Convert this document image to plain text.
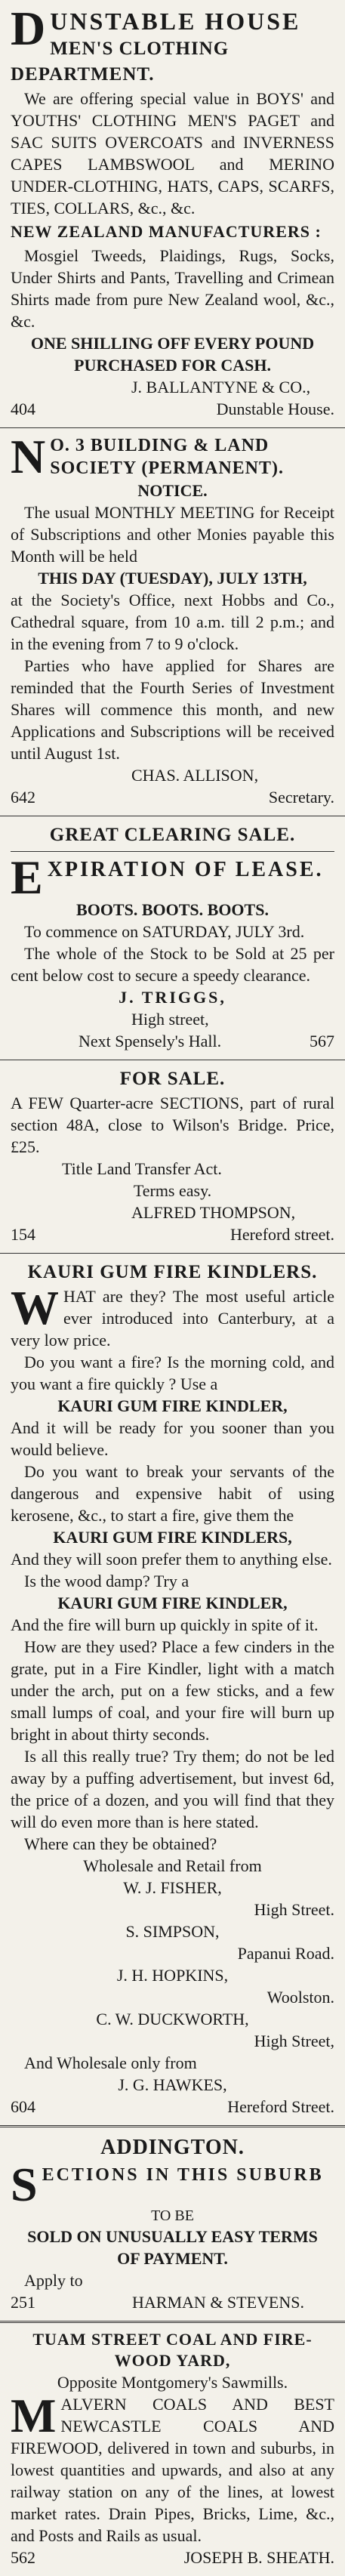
D UNSTABLE HOUSE

MEN'S CLOTHING DEPARTMENT.

We are offering special value in BOYS' and YOUTHS' CLOTHING MEN'S PAGET and SAC SUITS OVERCOATS and INVERNESS CAPES LAMBSWOOL and MERINO UNDER-CLOTHING, HATS, CAPS, SCARFS, TIES, COLLARS, &c., &c.

NEW ZEALAND MANUFACTURERS :

Mosgiel Tweeds, Plaidings, Rugs, Socks, Under Shirts and Pants, Travelling and Crimean Shirts made from pure New Zealand wool, &c., &c.

ONE SHILLING OFF EVERY POUND

PURCHASED FOR CASH.

J. BALLANTYNE & CO.,

404	Dunstable House.
N O. 3 BUILDING & LAND SOCIETY (PERMANENT).

NOTICE.

The usual MONTHLY MEETING for Receipt of Subscriptions and other Monies payable this Month will be held

THIS DAY (TUESDAY), JULY 13TH,

at the Society's Office, next Hobbs and Co., Cathedral square, from 10 a.m. till 2 p.m.; and in the evening from 7 to 9 o'clock.

Parties who have applied for Shares are reminded that the Fourth Series of Investment Shares will commence this month, and new Applications and Subscriptions will be received until August 1st.

CHAS. ALLISON,

642	Secretary.

GREAT CLEARING SALE.

E XPIRATION OF LEASE.

BOOTS. BOOTS. BOOTS.

To commence on SATURDAY, JULY 3rd.

The whole of the Stock to be Sold at 25 per cent below cost to secure a speedy clearance.

J. TRIGGS,

High street,

Next Spensely's Hall.	567

FOR SALE.

A FEW Quarter-acre SECTIONS, part of rural section 48A, close to Wilson's Bridge. Price, £25.

Title Land Transfer Act.

Terms easy.

ALFRED THOMPSON,

154	Hereford street.

KAURI GUM FIRE KINDLERS.

W HAT are they? The most useful article ever introduced into Canterbury, at a very low price.

Do you want a fire? Is the morning cold, and you want a fire quickly ? Use a

KAURI GUM FIRE KINDLER,

And it will be ready for you sooner than you would believe.

Do you want to break your servants of the dangerous and expensive habit of using kerosene, &c., to start a fire, give them the

KAURI GUM FIRE KINDLERS,

And they will soon prefer them to anything else.

Is the wood damp? Try a

KAURI GUM FIRE KINDLER,

And the fire will burn up quickly in spite of it.

How are they used? Place a few cinders in the grate, put in a Fire Kindler, light with a match under the arch, put on a few sticks, and a few small lumps of coal, and your fire will burn up bright in about thirty seconds.

Is all this really true? Try them; do not be led away by a puffing advertisement, but invest 6d, the price of a dozen, and you will find that they will do even more than is here stated.

Where can they be obtained?

Wholesale and Retail from

W. J. FISHER,

High Street.

S. SIMPSON,

Papanui Road.

J. H. HOPKINS,

Woolston.

C. W. DUCKWORTH,

High Street,

And Wholesale only from

J. G. HAWKES,

604	Hereford Street.

ADDINGTON.

S ECTIONS IN THIS SUBURB

TO BE

SOLD ON UNUSUALLY EASY TERMS

OF PAYMENT.

Apply to

251	HARMAN & STEVENS.

TUAM STREET COAL AND FIRE-

WOOD YARD,

Opposite Montgomery's Sawmills.

M ALVERN COALS AND BEST NEWCASTLE COALS AND FIREWOOD, delivered in town and suburbs, in lowest quantities and upwards, and also at any railway station on any of the lines, at lowest market rates. Drain Pipes, Bricks, Lime, &c., and Posts and Rails as usual.

562	JOSEPH B. SHEATH.
